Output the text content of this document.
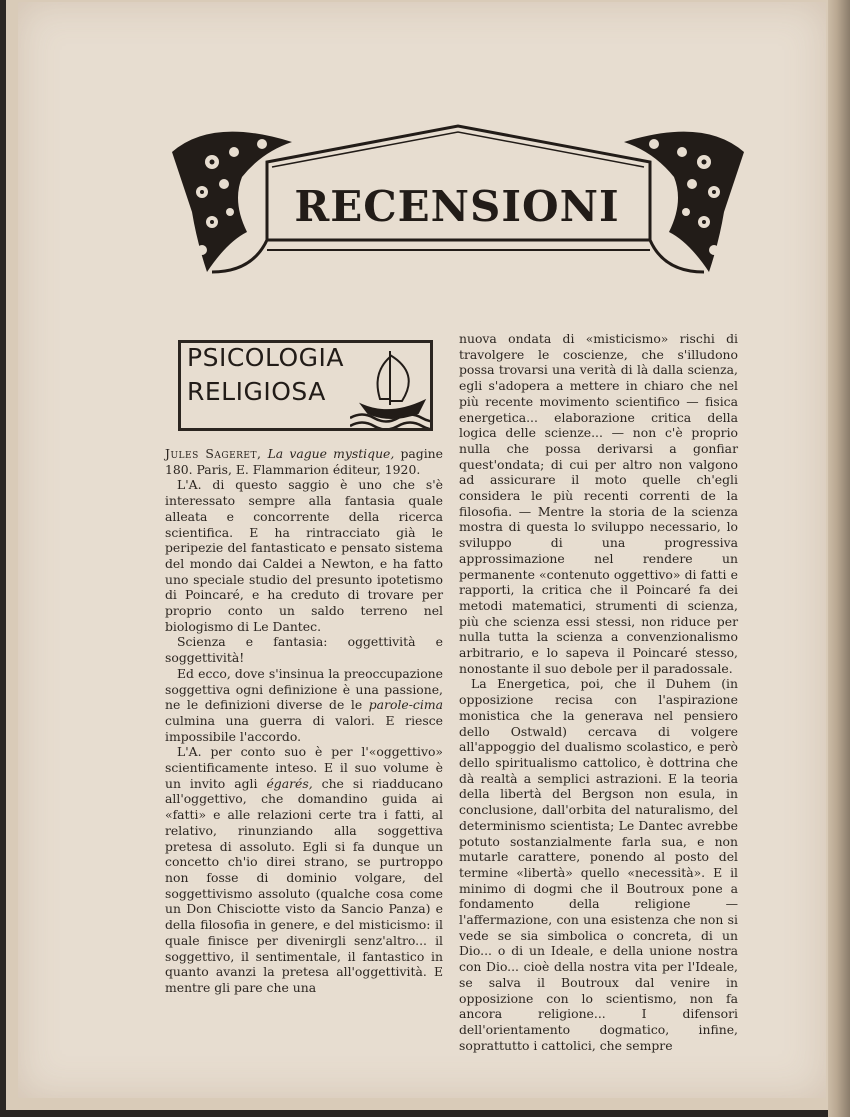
RECENSIONI
PSICOLOGIA
RELIGIOSA

Jules Sageret, La vague mystique, pagine 180. Paris, E. Flammarion éditeur, 1920.

L'A. di questo saggio è uno che s'è interessato sempre alla fantasia quale alleata e concorrente della ricerca scientifica. E ha rintracciato già le peripezie del fantasticato e pensato sistema del mondo dai Caldei a Newton, e ha fatto uno speciale studio del presunto ipotetismo di Poincaré, e ha creduto di trovare per proprio conto un saldo terreno nel biologismo di Le Dantec.

Scienza e fantasia: oggettività e soggettività!

Ed ecco, dove s'insinua la preoccupazione soggettiva ogni definizione è una passione, ne le definizioni diverse de le parole-cima culmina una guerra di valori. E riesce impossibile l'accordo.

L'A. per conto suo è per l'«oggettivo» scientificamente inteso. E il suo volume è un invito agli égarés, che si riadducano all'oggettivo, che domandino guida ai «fatti» e alle relazioni certe tra i fatti, al relativo, rinunziando alla soggettiva pretesa di assoluto. Egli si fa dunque un concetto ch'io direi strano, se purtroppo non fosse di dominio volgare, del soggettivismo assoluto (qualche cosa come un Don Chisciotte visto da Sancio Panza) e della filosofia in genere, e del misticismo: il quale finisce per divenirgli senz'altro... il soggettivo, il sentimentale, il fantastico in quanto avanzi la pretesa all'oggettività. E mentre gli pare che una

nuova ondata di «misticismo» rischi di travolgere le coscienze, che s'illudono possa trovarsi una verità di là dalla scienza, egli s'adopera a mettere in chiaro che nel più recente movimento scientifico — fisica energetica... elaborazione critica della logica delle scienze... — non c'è proprio nulla che possa derivarsi a gonfiar quest'ondata; di cui per altro non valgono ad assicurare il moto quelle ch'egli considera le più recenti correnti de la filosofia. — Mentre la storia de la scienza mostra di questa lo sviluppo necessario, lo sviluppo di una progressiva approssimazione nel rendere un permanente «contenuto oggettivo» di fatti e rapporti, la critica che il Poincaré fa dei metodi matematici, strumenti di scienza, più che scienza essi stessi, non riduce per nulla tutta la scienza a convenzionalismo arbitrario, e lo sapeva il Poincaré stesso, nonostante il suo debole per il paradossale.

La Energetica, poi, che il Duhem (in opposizione recisa con l'aspirazione monistica che la generava nel pensiero dello Ostwald) cercava di volgere all'appoggio del dualismo scolastico, e però dello spiritualismo cattolico, è dottrina che dà realtà a semplici astrazioni. E la teoria della libertà del Bergson non esula, in conclusione, dall'orbita del naturalismo, del determinismo scientista; Le Dantec avrebbe potuto sostanzialmente farla sua, e non mutarle carattere, ponendo al posto del termine «libertà» quello «necessità». E il minimo di dogmi che il Boutroux pone a fondamento della religione — l'affermazione, con una esistenza che non si vede se sia simbolica o concreta, di un Dio... o di un Ideale, e della unione nostra con Dio... cioè della nostra vita per l'Ideale, se salva il Boutroux dal venire in opposizione con lo scientismo, non fa ancora religione... I difensori dell'orientamento dogmatico, infine, soprattutto i cattolici, che sempre
